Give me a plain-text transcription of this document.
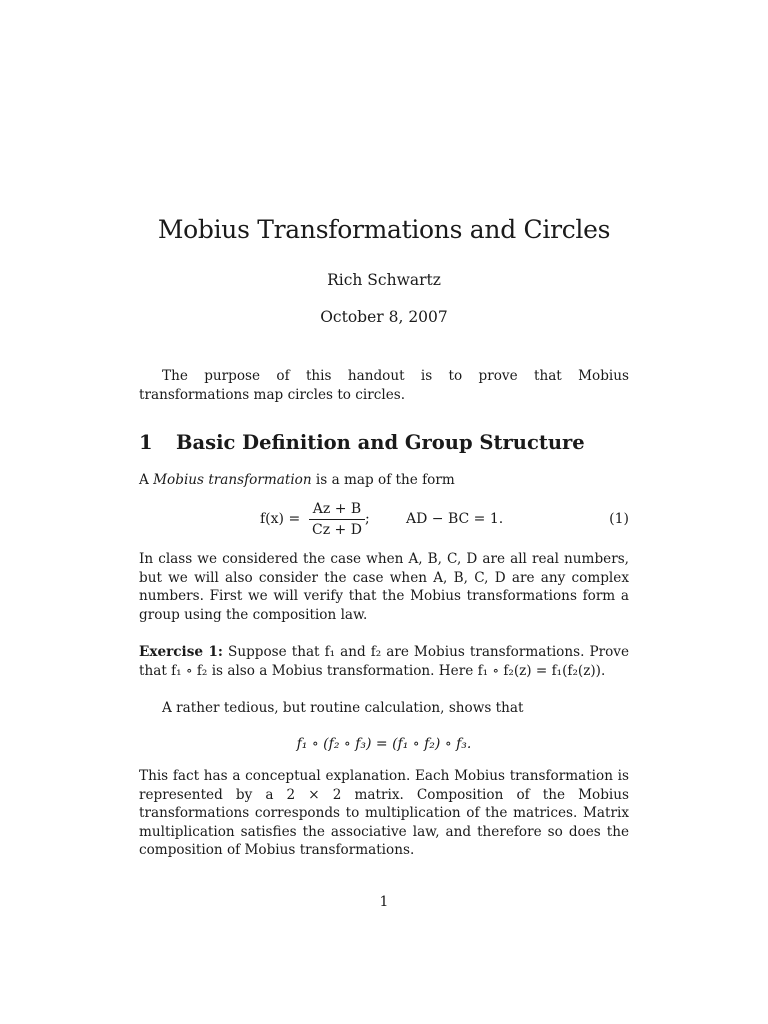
Mobius Transformations and Circles
Rich Schwartz
October 8, 2007
The purpose of this handout is to prove that Mobius transformations map circles to circles.
1 Basic Definition and Group Structure
A Mobius transformation is a map of the form
f(x) =
Az + B
Cz + D
;	AD − BC = 1.	(1)
In class we considered the case when A, B, C, D are all real numbers, but we will also consider the case when A, B, C, D are any complex numbers. First we will verify that the Mobius transformations form a group using the composition law.
Exercise 1: Suppose that f₁ and f₂ are Mobius transformations. Prove that f₁ ∘ f₂ is also a Mobius transformation. Here f₁ ∘ f₂(z) = f₁(f₂(z)).
A rather tedious, but routine calculation, shows that
f₁ ∘ (f₂ ∘ f₃) = (f₁ ∘ f₂) ∘ f₃.
This fact has a conceptual explanation. Each Mobius transformation is represented by a 2 × 2 matrix. Composition of the Mobius transformations corresponds to multiplication of the matrices. Matrix multiplication satisfies the associative law, and therefore so does the composition of Mobius transformations.
1
